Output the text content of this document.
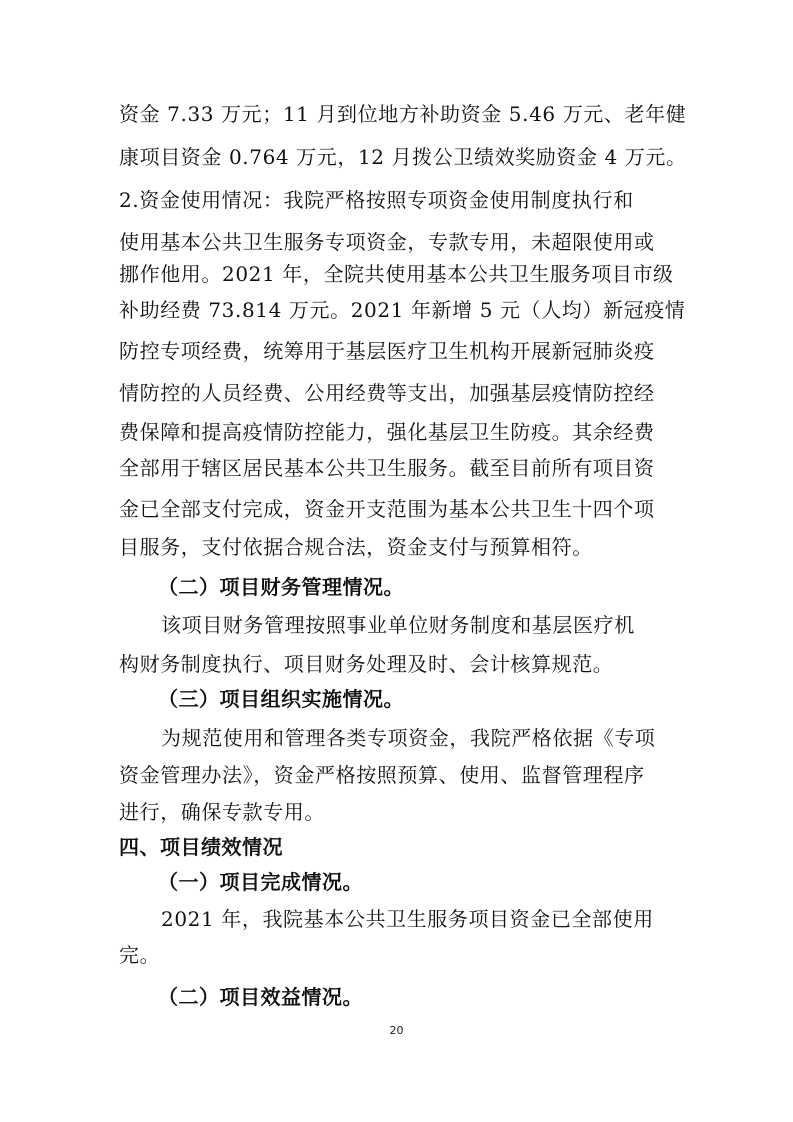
资金 7.33 万元；11 月到位地方补助资金 5.46 万元、老年健
康项目资金 0.764 万元，12 月拨公卫绩效奖励资金 4 万元。
2.资金使用情况：我院严格按照专项资金使用制度执行和
使用基本公共卫生服务专项资金，专款专用，未超限使用或
挪作他用。2021 年，全院共使用基本公共卫生服务项目市级
补助经费 73.814 万元。2021 年新增 5 元（人均）新冠疫情
防控专项经费，统筹用于基层医疗卫生机构开展新冠肺炎疫
情防控的人员经费、公用经费等支出，加强基层疫情防控经
费保障和提高疫情防控能力，强化基层卫生防疫。其余经费
全部用于辖区居民基本公共卫生服务。截至目前所有项目资
金已全部支付完成，资金开支范围为基本公共卫生十四个项
目服务，支付依据合规合法，资金支付与预算相符。
（二）项目财务管理情况。
该项目财务管理按照事业单位财务制度和基层医疗机
构财务制度执行、项目财务处理及时、会计核算规范。
（三）项目组织实施情况。
为规范使用和管理各类专项资金，我院严格依据《专项
资金管理办法》，资金严格按照预算、使用、监督管理程序
进行，确保专款专用。
四、项目绩效情况
（一）项目完成情况。
2021 年，我院基本公共卫生服务项目资金已全部使用
完。
（二）项目效益情况。
20
